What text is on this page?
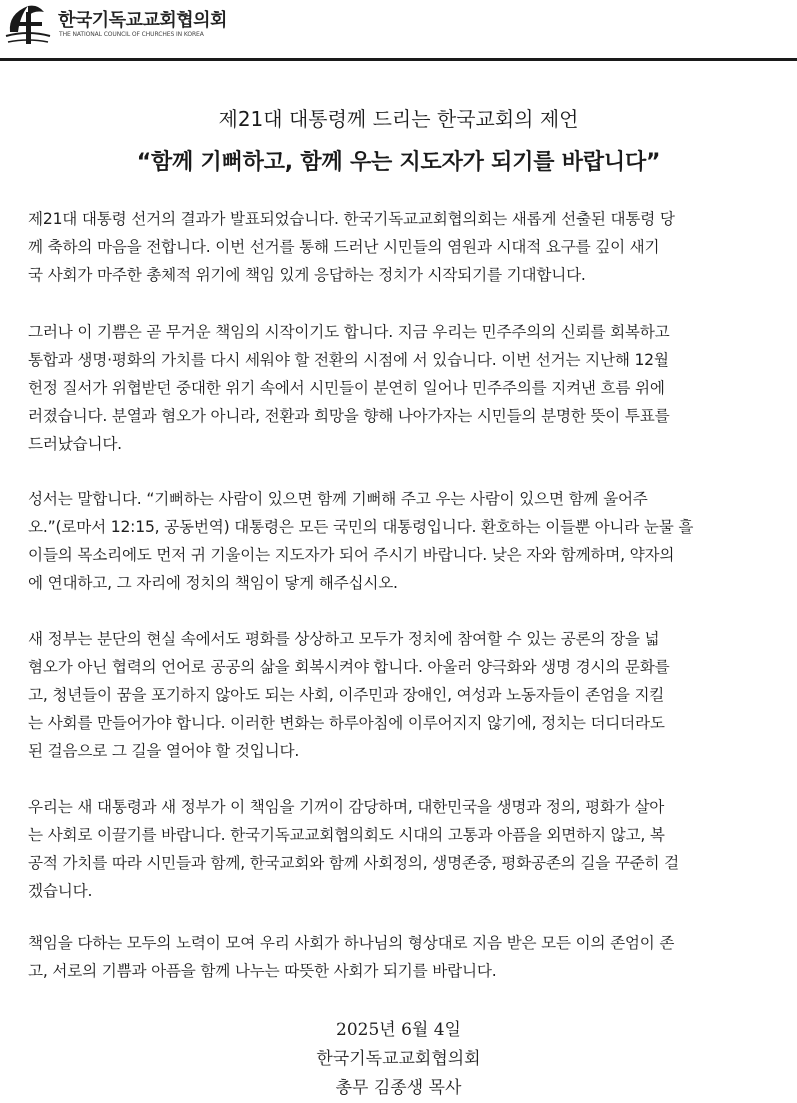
한국기독교교회협의회
THE NATIONAL COUNCIL OF CHURCHES IN KOREA
제21대 대통령께 드리는 한국교회의 제언
“함께 기뻐하고, 함께 우는 지도자가 되기를 바랍니다”
제21대 대통령 선거의 결과가 발표되었습니다. 한국기독교교회협의회는 새롭게 선출된 대통령 당
께 축하의 마음을 전합니다. 이번 선거를 통해 드러난 시민들의 염원과 시대적 요구를 깊이 새기
국 사회가 마주한 총체적 위기에 책임 있게 응답하는 정치가 시작되기를 기대합니다.
그러나 이 기쁨은 곧 무거운 책임의 시작이기도 합니다. 지금 우리는 민주주의의 신뢰를 회복하고
통합과 생명·평화의 가치를 다시 세워야 할 전환의 시점에 서 있습니다. 이번 선거는 지난해 12월
헌정 질서가 위협받던 중대한 위기 속에서 시민들이 분연히 일어나 민주주의를 지켜낸 흐름 위에
러졌습니다. 분열과 혐오가 아니라, 전환과 희망을 향해 나아가자는 시민들의 분명한 뜻이 투표를
드러났습니다.
성서는 말합니다. “기뻐하는 사람이 있으면 함께 기뻐해 주고 우는 사람이 있으면 함께 울어주
오.”(로마서 12:15, 공동번역) 대통령은 모든 국민의 대통령입니다. 환호하는 이들뿐 아니라 눈물 흘
이들의 목소리에도 먼저 귀 기울이는 지도자가 되어 주시기 바랍니다. 낮은 자와 함께하며, 약자의
에 연대하고, 그 자리에 정치의 책임이 닿게 해주십시오.
새 정부는 분단의 현실 속에서도 평화를 상상하고 모두가 정치에 참여할 수 있는 공론의 장을 넓
혐오가 아닌 협력의 언어로 공공의 삶을 회복시켜야 합니다. 아울러 양극화와 생명 경시의 문화를
고, 청년들이 꿈을 포기하지 않아도 되는 사회, 이주민과 장애인, 여성과 노동자들이 존엄을 지킬
는 사회를 만들어가야 합니다. 이러한 변화는 하루아침에 이루어지지 않기에, 정치는 더디더라도
된 걸음으로 그 길을 열어야 할 것입니다.
우리는 새 대통령과 새 정부가 이 책임을 기꺼이 감당하며, 대한민국을 생명과 정의, 평화가 살아
는 사회로 이끌기를 바랍니다. 한국기독교교회협의회도 시대의 고통과 아픔을 외면하지 않고, 복
공적 가치를 따라 시민들과 함께, 한국교회와 함께 사회정의, 생명존중, 평화공존의 길을 꾸준히 걸
겠습니다.
책임을 다하는 모두의 노력이 모여 우리 사회가 하나님의 형상대로 지음 받은 모든 이의 존엄이 존
고, 서로의 기쁨과 아픔을 함께 나누는 따뜻한 사회가 되기를 바랍니다.
2025년 6월 4일
한국기독교교회협의회
총무 김종생 목사
